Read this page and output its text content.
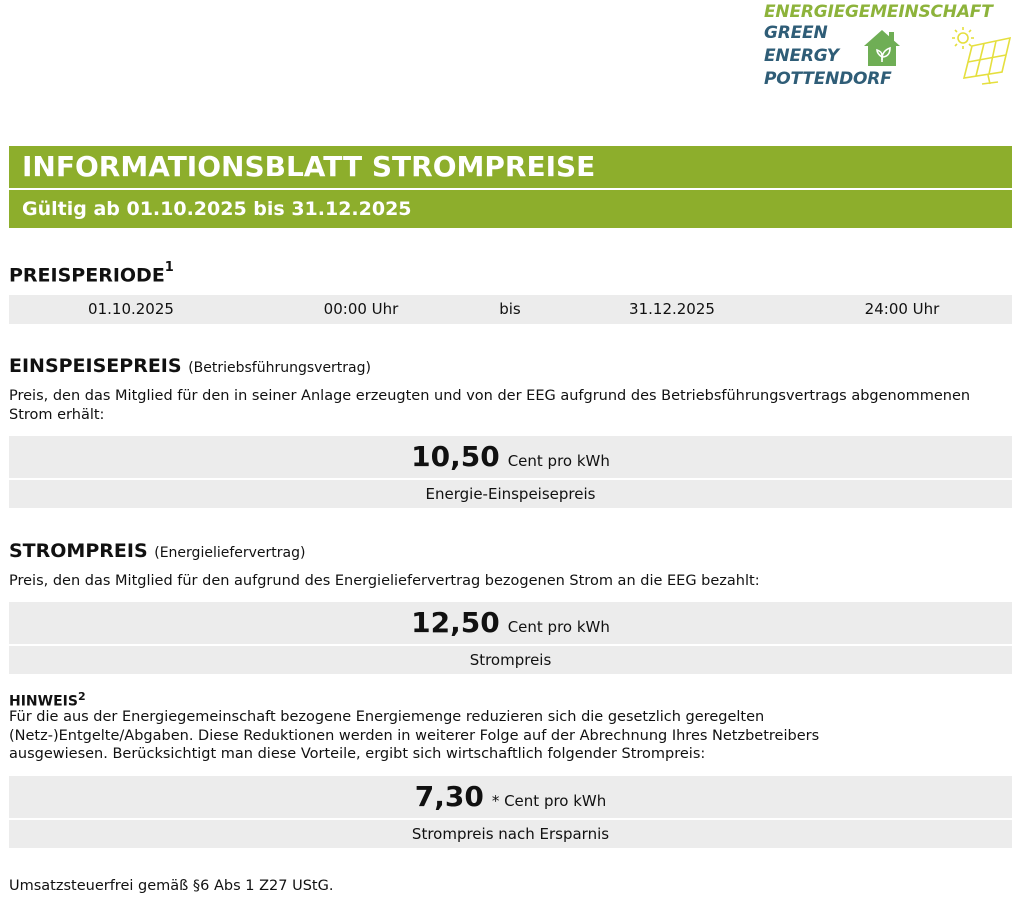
ENERGIEGEMEINSCHAFT
GREEN
ENERGY
POTTENDORF
INFORMATIONSBLATT STROMPREISE
Gültig ab 01.10.2025 bis 31.12.2025
PREISPERIODE$^1$
01.10.2025	00:00 Uhr	bis	31.12.2025	24:00 Uhr
EINSPEISEPREIS (Betriebsführungsvertrag)
Preis, den das Mitglied für den in seiner Anlage erzeugten und von der EEG aufgrund des Betriebsführungsvertrags abgenommenen Strom erhält:
10,50 Cent pro kWh
Energie-Einspeisepreis
STROMPREIS (Energieliefervertrag)
Preis, den das Mitglied für den aufgrund des Energieliefervertrag bezogenen Strom an die EEG bezahlt:
12,50 Cent pro kWh
Strompreis
HINWEIS$^2$
Für die aus der Energiegemeinschaft bezogene Energiemenge reduzieren sich die gesetzlich geregelten (Netz-)Entgelte/Abgaben. Diese Reduktionen werden in weiterer Folge auf der Abrechnung Ihres Netzbetreibers ausgewiesen. Berücksichtigt man diese Vorteile, ergibt sich wirtschaftlich folgender Strompreis:
7,30 * Cent pro kWh
Strompreis nach Ersparnis
Umsatzsteuerfrei gemäß §6 Abs 1 Z27 UStG.
